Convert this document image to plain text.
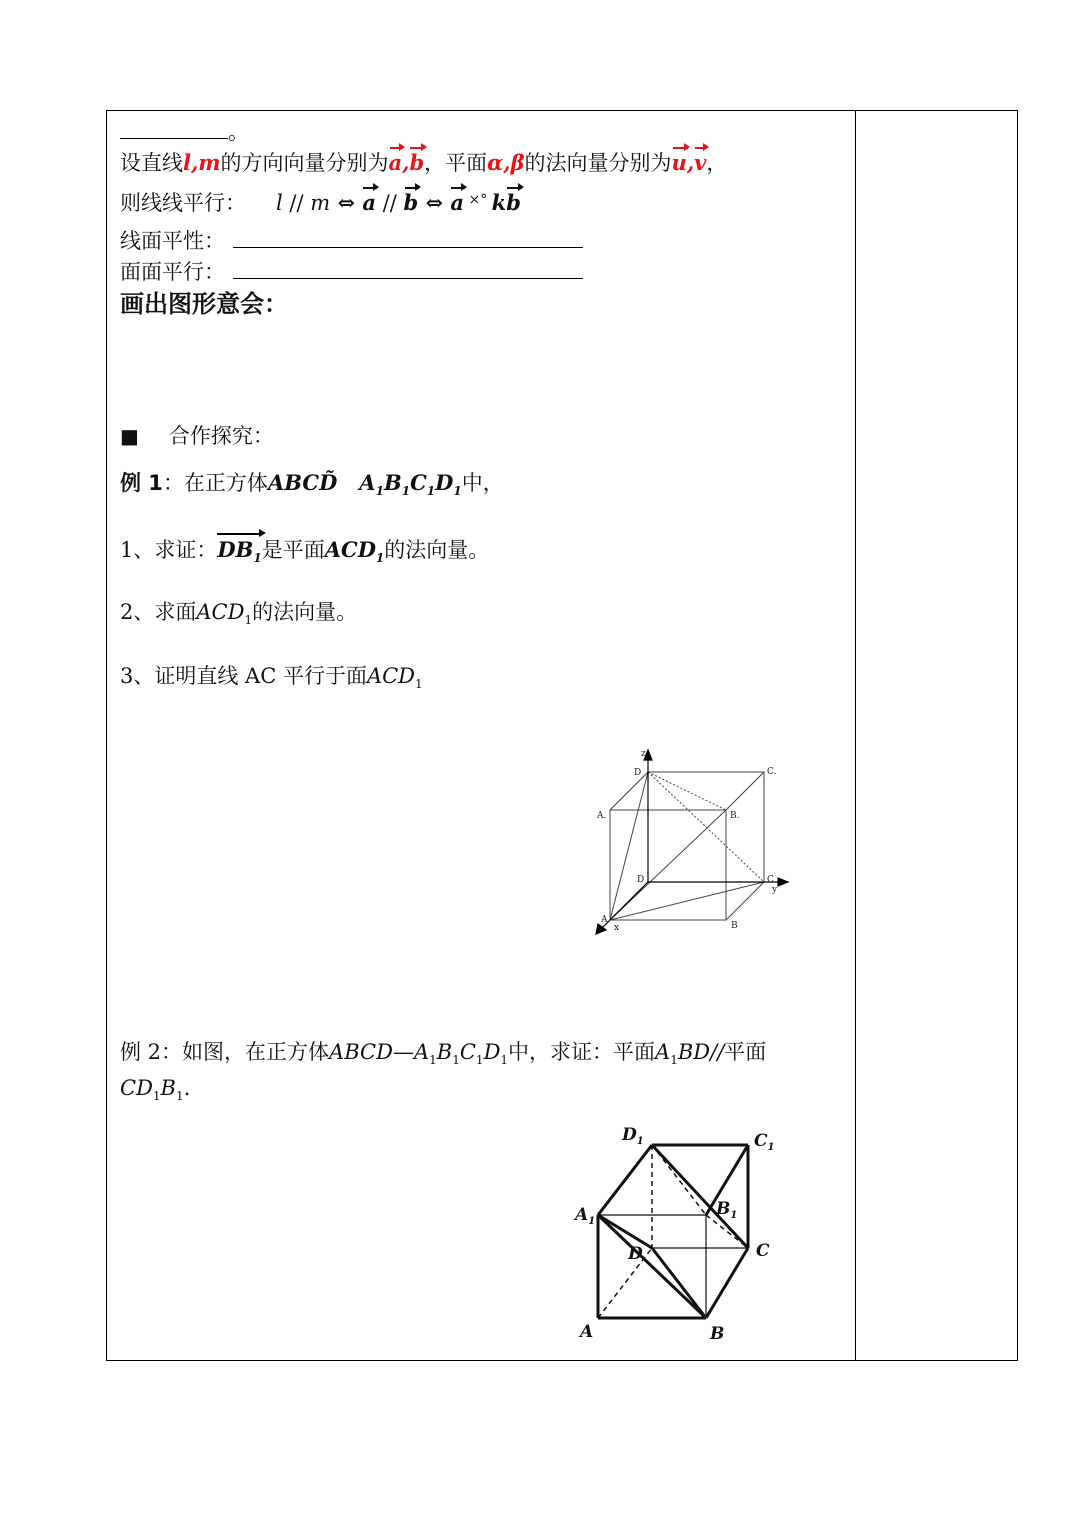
。
设直线l,m的方向向量分别为a,b，平面α,β的法向量分别为u,v，
则线线平行： l // m ⇔ a // b ⇔ a ×° kb
线面平性：
面面平行：
画出图形意会：
■ 合作探究：
例 1：在正方体ABCD $A_1B_1C_1D_1$中，
1、求证：
$DB_1$是平面$ACD_1$的法向量。
2、求面$ACD_1$的法向量。
3、证明直线 AC 平行于面$ACD_1$
z
D	C.
A.	B.
D	C
y
A
x	B
例 2：如图，在正方体$ABCD—A_1B_1C_1D_1$中，求证：平面$A_1BD//$平面
$CD_1B_1$.
$D_1$	$C_1$
$A_1$
$B_1$
D	C
A	B
